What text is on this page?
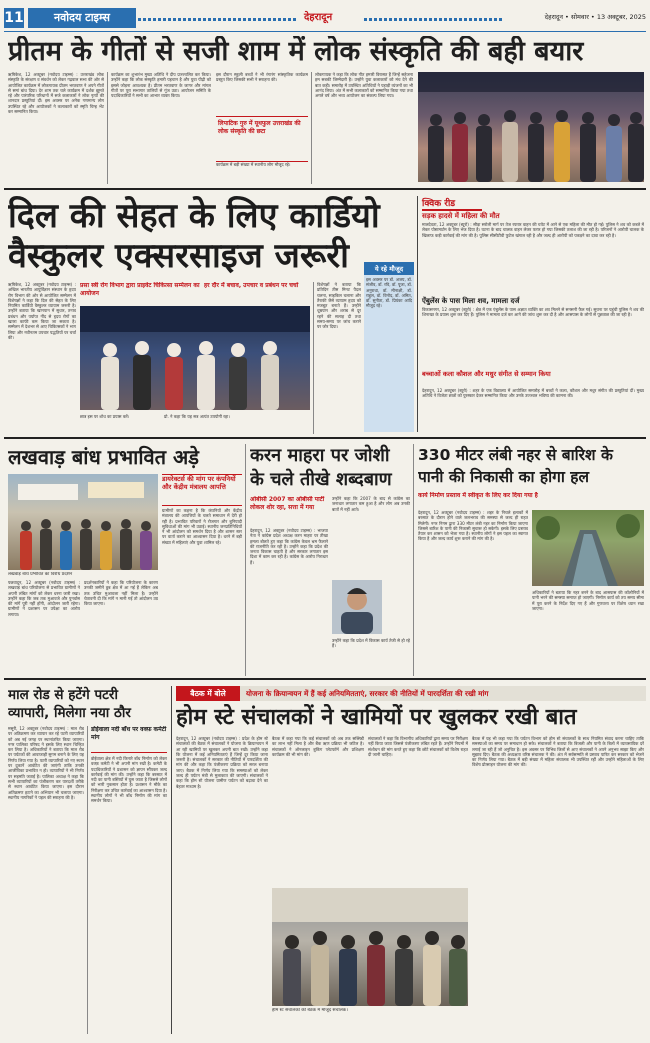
11	नवोदय टाइम्स	देहरादून	देहरादून • सोमवार • 13 अक्टूबर, 2025
प्रीतम के गीतों से सजी शाम में लोक संस्कृति की बही बयार
ऋषिकेश, 12 अक्टूबर (नवोदय टाइम्स) : उत्तराखंड लोक संस्कृति के संरक्षण व संवर्धन को लेकर गढ़वाल सभा की ओर से आयोजित कार्यक्रम में लोकगायक प्रीतम भरतवाण ने अपने गीतों से समां बांध दिया। देर शाम तक चले कार्यक्रम में दर्शक झूमते रहे और पारंपरिक परिधानों में सजे कलाकारों ने लोक नृत्यों की शानदार प्रस्तुतियां दीं। इस अवसर पर अनेक गणमान्य लोग उपस्थित रहे और आयोजकों ने कलाकारों को स्मृति चिन्ह भेंट कर सम्मानित किया।
कार्यक्रम का शुभारंभ मुख्य अतिथि ने दीप प्रज्ज्वलित कर किया। उन्होंने कहा कि लोक संस्कृति हमारी पहचान है और युवा पीढ़ी को इससे जोड़ना आवश्यक है। प्रीतम भरतवाण के जागर और मांगल गीतों पर पूरा सभागार तालियों से गूंज उठा। आयोजन समिति के पदाधिकारियों ने सभी का आभार व्यक्त किया।
लिपाटिक गुरु में यूथफुल उत्तराखंड की लोक संस्कृति की छटा
इस दौरान स्कूली बच्चों ने भी रंगारंग सांस्कृतिक कार्यक्रम प्रस्तुत किए जिसकी सभी ने सराहना की।
कार्यक्रम में बड़ी संख्या में स्थानीय लोग मौजूद रहे।
लोकगायक ने कहा कि लोक गीत हमारी विरासत हैं जिन्हें सहेजना हम सबकी जिम्मेदारी है। उन्होंने युवा कलाकारों को मंच देने की बात कही। समारोह में उपस्थित अतिथियों ने पहाड़ी व्यंजनों का भी आनंद लिया। अंत में सभी कलाकारों को सम्मानित किया गया तथा अगले वर्ष और भव्य आयोजन का संकल्प लिया गया।
दिल की सेहत के लिए कार्डियो
वैस्कुलर एक्सरसाइज जरूरी
ऋषिकेश, 12 अक्टूबर (नवोदय टाइम्स) : अखिल भारतीय आयुर्विज्ञान संस्थान के हृदय रोग विभाग की ओर से आयोजित सम्मेलन में विशेषज्ञों ने कहा कि दिल की सेहत के लिए नियमित कार्डियो वैस्कुलर व्यायाम जरूरी है। उन्होंने बताया कि खानपान में सुधार, तनाव प्रबंधन और पर्याप्त नींद से हृदय रोगों का खतरा काफी कम किया जा सकता है। सम्मेलन में देशभर से आए चिकित्सकों ने भाग लिया और नवीनतम उपचार पद्धतियों पर चर्चा की।
प्रसा स्त्री रोग विभाग द्वारा प्राइवेट चिकित्सा सम्मेलन का आयोजन
हर दौर में बचाव, उपचार व प्रबंधन पर चर्चा
छात्र इस पर शोध का प्रयास करें।	प्रो. ने कहा कि यह सत्र अत्यंत उपयोगी रहा।
विशेषज्ञों ने बताया कि प्रतिदिन तीस मिनट पैदल चलना, साइकिल चलाना और तैराकी जैसे व्यायाम हृदय को मजबूत बनाते हैं। उन्होंने धूम्रपान और शराब से दूर रहने की सलाह दी तथा समय-समय पर जांच कराने पर जोर दिया।
ये रहे मौजूद
इस अवसर पर डॉ. अजय, डॉ. संजीव, डॉ. रवि, डॉ. पूजा, डॉ. अनुराधा, डॉ. मीनाक्षी, डॉ. राहुल, डॉ. विनोद, डॉ. अमित, डॉ. सुनीता, डॉ. प्रियंका आदि मौजूद रहे।
क्विक रीड
सड़क हादसे में महिला की मौत
मालदेवता, 12 अक्टूबर (ब्यूरो) : सौड़ा सरोली मार्ग पर तेज रफ्तार वाहन की चपेट में आने से एक महिला की मौत हो गई। पुलिस ने शव को कब्जे में लेकर पोस्टमार्टम के लिए भेज दिया है। घटना के बाद चालक वाहन लेकर फरार हो गया जिसकी तलाश की जा रही है। परिजनों ने आरोपी चालक के खिलाफ कड़ी कार्रवाई की मांग की है। पुलिस सीसीटीवी फुटेज खंगाल रही है और जल्द ही आरोपी को पकड़ने का दावा कर रही है।
ऐंबुलेंस के पास मिला शव, मामला दर्ज
विकासनगर, 12 अक्टूबर (ब्यूरो) : क्षेत्र में एक एंबुलेंस के पास अज्ञात व्यक्ति का शव मिलने से सनसनी फैल गई। सूचना पर पहुंची पुलिस ने शव की शिनाख्त के प्रयास शुरू कर दिए हैं। पुलिस ने मामला दर्ज कर आगे की जांच शुरू कर दी है और आसपास के लोगों से पूछताछ की जा रही है।
बच्चाओं कला कौशल और मधुर संगीत से सम्मान किया
देहरादून, 12 अक्टूबर (ब्यूरो) : शहर के एक विद्यालय में आयोजित समारोह में बच्चों ने कला, कौशल और मधुर संगीत की प्रस्तुतियां दीं। मुख्य अतिथि ने विजेता छात्रों को पुरस्कार देकर सम्मानित किया और उनके उज्ज्वल भविष्य की कामना की।
लखवाड़ बांध प्रभावित अड़े
लखवाड़ बांध प्रभावित का विरोध प्रदर्शन
डायरेक्टर्स की मांग पर कंपनियों और केंद्रीय मंत्रालय आपत्ति
पछवादून, 12 अक्टूबर (नवोदय टाइम्स) : लखवाड़ बांध परियोजना से प्रभावित ग्रामीणों ने अपनी लंबित मांगों को लेकर धरना जारी रखा। उन्होंने कहा कि जब तक मुआवजे और पुनर्वास की मांगें पूरी नहीं होंगी, आंदोलन जारी रहेगा। ग्रामीणों ने प्रशासन पर उपेक्षा का आरोप लगाया।
प्रदर्शनकारियों ने कहा कि परियोजना के कारण उनकी जमीनें डूब क्षेत्र में आ गई हैं लेकिन अब तक उचित मुआवजा नहीं मिला है। उन्होंने चेतावनी दी कि मांगें न मानी गईं तो आंदोलन उग्र किया जाएगा।
ग्रामीणों का कहना है कि कंपनियों और केंद्रीय मंत्रालय की आपत्तियों के चलते समाधान में देरी हो रही है। प्रभावित परिवारों ने रोजगार और बुनियादी सुविधाओं की मांग भी उठाई। स्थानीय जनप्रतिनिधियों ने भी आंदोलन को समर्थन दिया है और शासन स्तर पर वार्ता कराने का आश्वासन दिया है। धरने में बड़ी संख्या में महिलाएं और युवा शामिल रहे।
करन माहरा पर जोशी
के चले तीखे शब्दबाण
ओबीसी 2007 का ओबीसी पार्टी लोकल शोर रहा, सत्ता में गया
देहरादून, 12 अक्टूबर (नवोदय टाइम्स) : भाजपा नेता ने कांग्रेस प्रदेश अध्यक्ष करन माहरा पर तीखा हमला बोलते हुए कहा कि कांग्रेस केवल भ्रम फैलाने की राजनीति कर रही है। उन्होंने कहा कि प्रदेश की जनता विकास चाहती है और सरकार लगातार इस दिशा में काम कर रही है। कांग्रेस के आरोप निराधार हैं।
उन्होंने कहा कि 2007 के बाद से कांग्रेस का जनाधार लगातार कम हुआ है और लोग अब उनकी बातों में नहीं आते।
उन्होंने कहा कि प्रदेश में विकास कार्य तेजी से हो रहे हैं।
330 मीटर लंबी नहर से बारिश के
पानी की निकासी का होगा हल
कार्य निर्माण प्रस्ताव में स्वीकृत के लिए कर दिया गया है
देहरादून, 12 अक्टूबर (नवोदय टाइम्स) : शहर के निचले इलाकों में बरसात के दौरान होने वाले जलभराव की समस्या से जल्द ही राहत मिलेगी। नगर निगम द्वारा 330 मीटर लंबी नहर का निर्माण किया जाएगा जिससे बारिश के पानी की निकासी सुचारू हो सकेगी। इसके लिए प्रस्ताव तैयार कर शासन को भेजा गया है। स्थानीय लोगों ने इस पहल का स्वागत किया है और जल्द कार्य शुरू कराने की मांग की है।
अधिकारियों ने बताया कि नहर बनने के बाद आसपास की कॉलोनियों में पानी भरने की समस्या समाप्त हो जाएगी। निर्माण कार्य को तय समय सीमा में पूरा करने के निर्देश दिए गए हैं और गुणवत्ता पर विशेष ध्यान रखा जाएगा।
माल रोड से हटेंगे पटरी
व्यापारी, मिलेगा नया ठौर
मसूरी, 12 अक्टूबर (नवोदय टाइम्स) : माल रोड पर अतिक्रमण कर व्यापार कर रहे पटरी व्यापारियों को अब नई जगह पर स्थानांतरित किया जाएगा। नगर पालिका परिषद ने इसके लिए स्थान चिन्हित कर लिया है। अधिकारियों ने बताया कि माल रोड पर पर्यटकों की आवाजाही सुगम बनाने के लिए यह निर्णय लिया गया है। पटरी व्यापारियों को नए स्थान पर दुकानें आवंटित की जाएंगी ताकि उनकी आजीविका प्रभावित न हो। व्यापारियों ने भी निर्णय पर सहमति जताई है। पालिका अध्यक्ष ने कहा कि सभी व्यापारियों का पंजीकरण कर पारदर्शी तरीके से स्थान आवंटित किया जाएगा। इस दौरान अतिक्रमण हटाने का अभियान भी चलाया जाएगा। स्थानीय नागरिकों ने पहल की सराहना की है।
डोईवाला नदी बाँध पर वक्फ़ कमेटी मांग
डोईवाला क्षेत्र में नदी किनारे बाँध निर्माण को लेकर वक्फ़ कमेटी ने भी अपनी मांग रखी है। कमेटी के पदाधिकारियों ने प्रशासन को ज्ञापन सौंपकर जल्द कार्रवाई की मांग की। उन्होंने कहा कि बरसात में नदी का पानी बस्तियों में घुस जाता है जिससे लोगों को भारी नुकसान होता है। प्रशासन ने मौके का निरीक्षण कर उचित कार्रवाई का आश्वासन दिया है। स्थानीय लोगों ने भी बाँध निर्माण की मांग का समर्थन किया।
बैठक में बोले	योजना के क्रियान्वयन में हैं कई अनियमितताएं, सरकार की नीतियों में पारदर्शिता की रखी मांग
होम स्टे संचालकों ने खामियों पर खुलकर रखी बात
देहरादून, 12 अक्टूबर (नवोदय टाइम्स) : प्रदेश के होम स्टे संचालकों की बैठक में संचालकों ने योजना के क्रियान्वयन में आ रही खामियों पर खुलकर अपनी बात रखी। उन्होंने कहा कि योजना में कई अनियमितताएं हैं जिन्हें दूर किया जाना जरूरी है। संचालकों ने सरकार की नीतियों में पारदर्शिता की मांग की और कहा कि पंजीकरण प्रक्रिया को सरल बनाया जाए। बैठक में निर्णय लिया गया कि समस्याओं को लेकर जल्द ही पर्यटन मंत्री से मुलाकात की जाएगी। संचालकों ने कहा कि होम स्टे योजना ग्रामीण पर्यटन को बढ़ावा देने का बेहतर माध्यम है।
बैठक में कहा गया कि कई संचालकों को अब तक सब्सिडी का लाभ नहीं मिला है और बैंक ऋण प्रक्रिया भी जटिल है। संचालकों ने ऑनलाइन बुकिंग प्लेटफॉर्म और प्रशिक्षण कार्यक्रम की भी मांग की।
होम स्टे संचालकों की बैठक में मौजूद संचालक।
संचालकों ने कहा कि विभागीय अधिकारियों द्वारा समय पर निरीक्षण नहीं किया जाता जिससे पंजीकरण लंबित रहते हैं। उन्होंने नियमों में संशोधन की मांग करते हुए कहा कि छोटे संचालकों को विशेष राहत दी जानी चाहिए।
बैठक में यह भी कहा गया कि पर्यटन विभाग को होम स्टे संचालकों के साथ नियमित संवाद करना चाहिए ताकि समस्याओं का समय पर समाधान हो सके। संचालकों ने बताया कि बिजली और पानी के बिलों में व्यावसायिक दरें लगाई जा रही हैं जो अनुचित है। इस अवसर पर विभिन्न जिलों से आए संचालकों ने अपने अनुभव साझा किए और सुझाव दिए। बैठक की अध्यक्षता वरिष्ठ संचालक ने की। अंत में सर्वसम्मति से प्रस्ताव पारित कर सरकार को भेजने का निर्णय लिया गया। बैठक में बड़ी संख्या में महिला संचालक भी उपस्थित रहीं और उन्होंने महिलाओं के लिए विशेष प्रोत्साहन योजना की मांग की।
